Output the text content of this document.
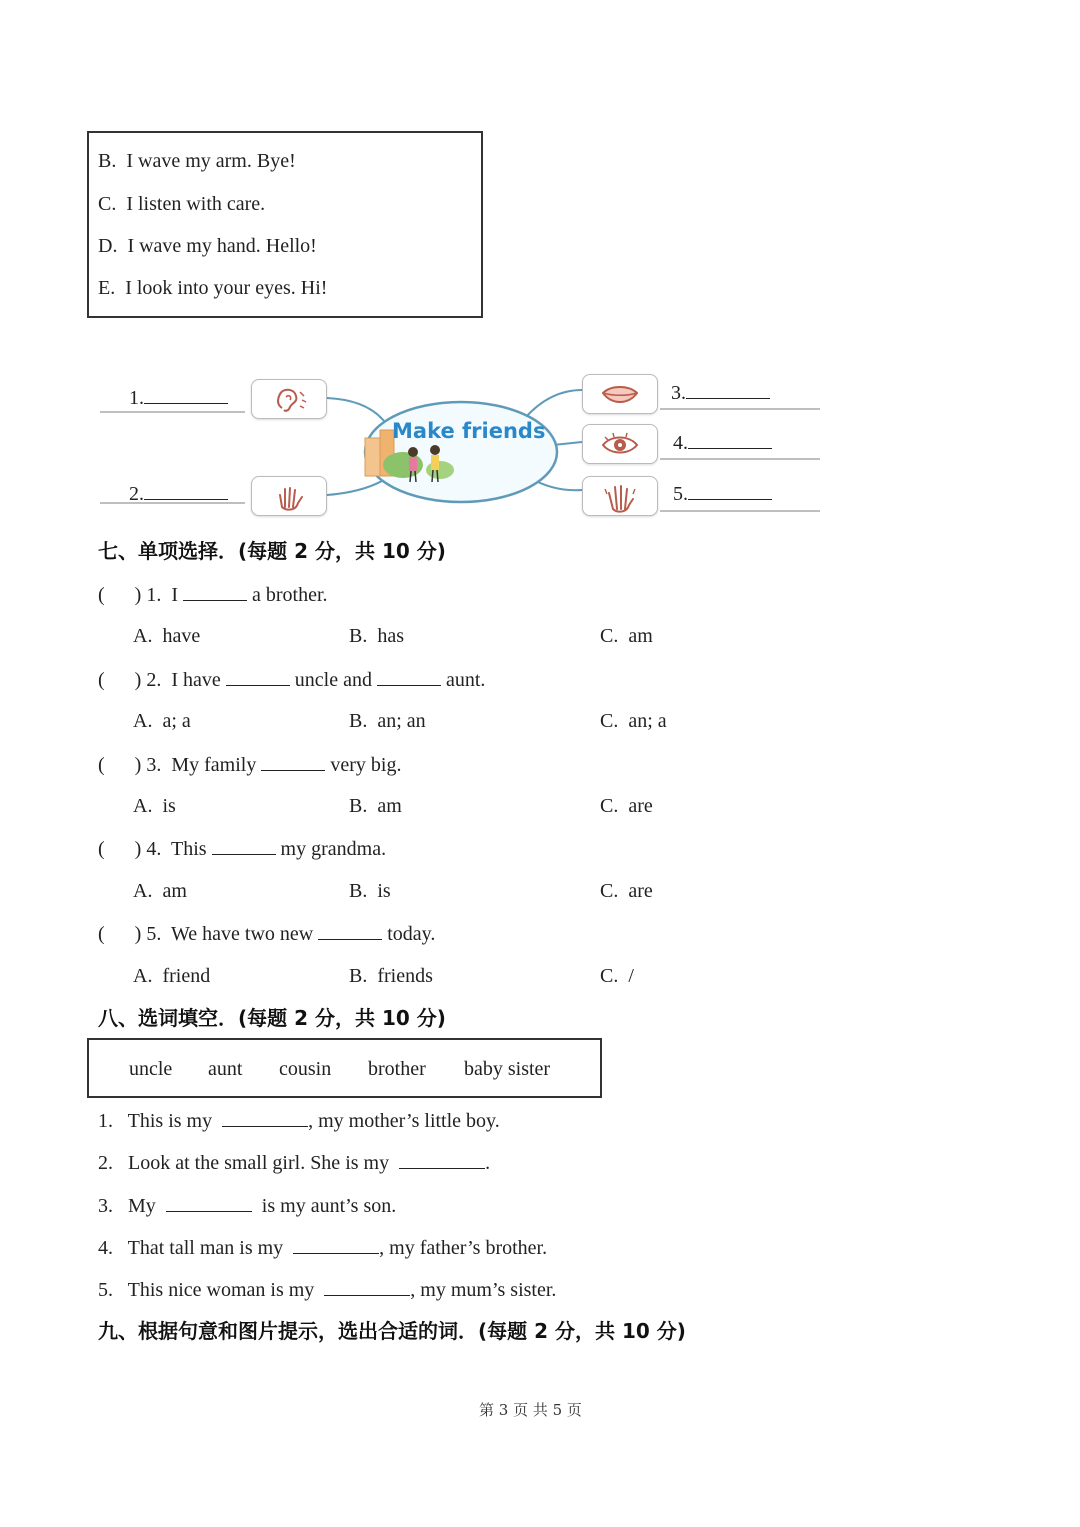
B. I wave my arm. Bye!
C. I listen with care.
D. I wave my hand. Hello!
E. I look into your eyes. Hi!
Make friends
1.
2.
3.
4.
5.
七、单项选择．(每题 2 分，共 10 分)
( ) 1. I	a brother.
A. have	B. has	C. am
( ) 2. I have	uncle and	aunt.
A. a; a	B. an; an	C. an; a
( ) 3. My family	very big.
A. is	B. am	C. are
( ) 4. This	my grandma.
A. am	B. is	C. are
( ) 5. We have two new	today.
A. friend	B. friends	C. /
八、选词填空．(每题 2 分，共 10 分)
uncle aunt cousin brother baby sister
1. This is my	, my mother’s little boy.
2. Look at the small girl. She is my	.
3. My	is my aunt’s son.
4. That tall man is my	, my father’s brother.
5. This nice woman is my	, my mum’s sister.
九、根据句意和图片提示，选出合适的词．(每题 2 分，共 10 分)
第 3 页 共 5 页
